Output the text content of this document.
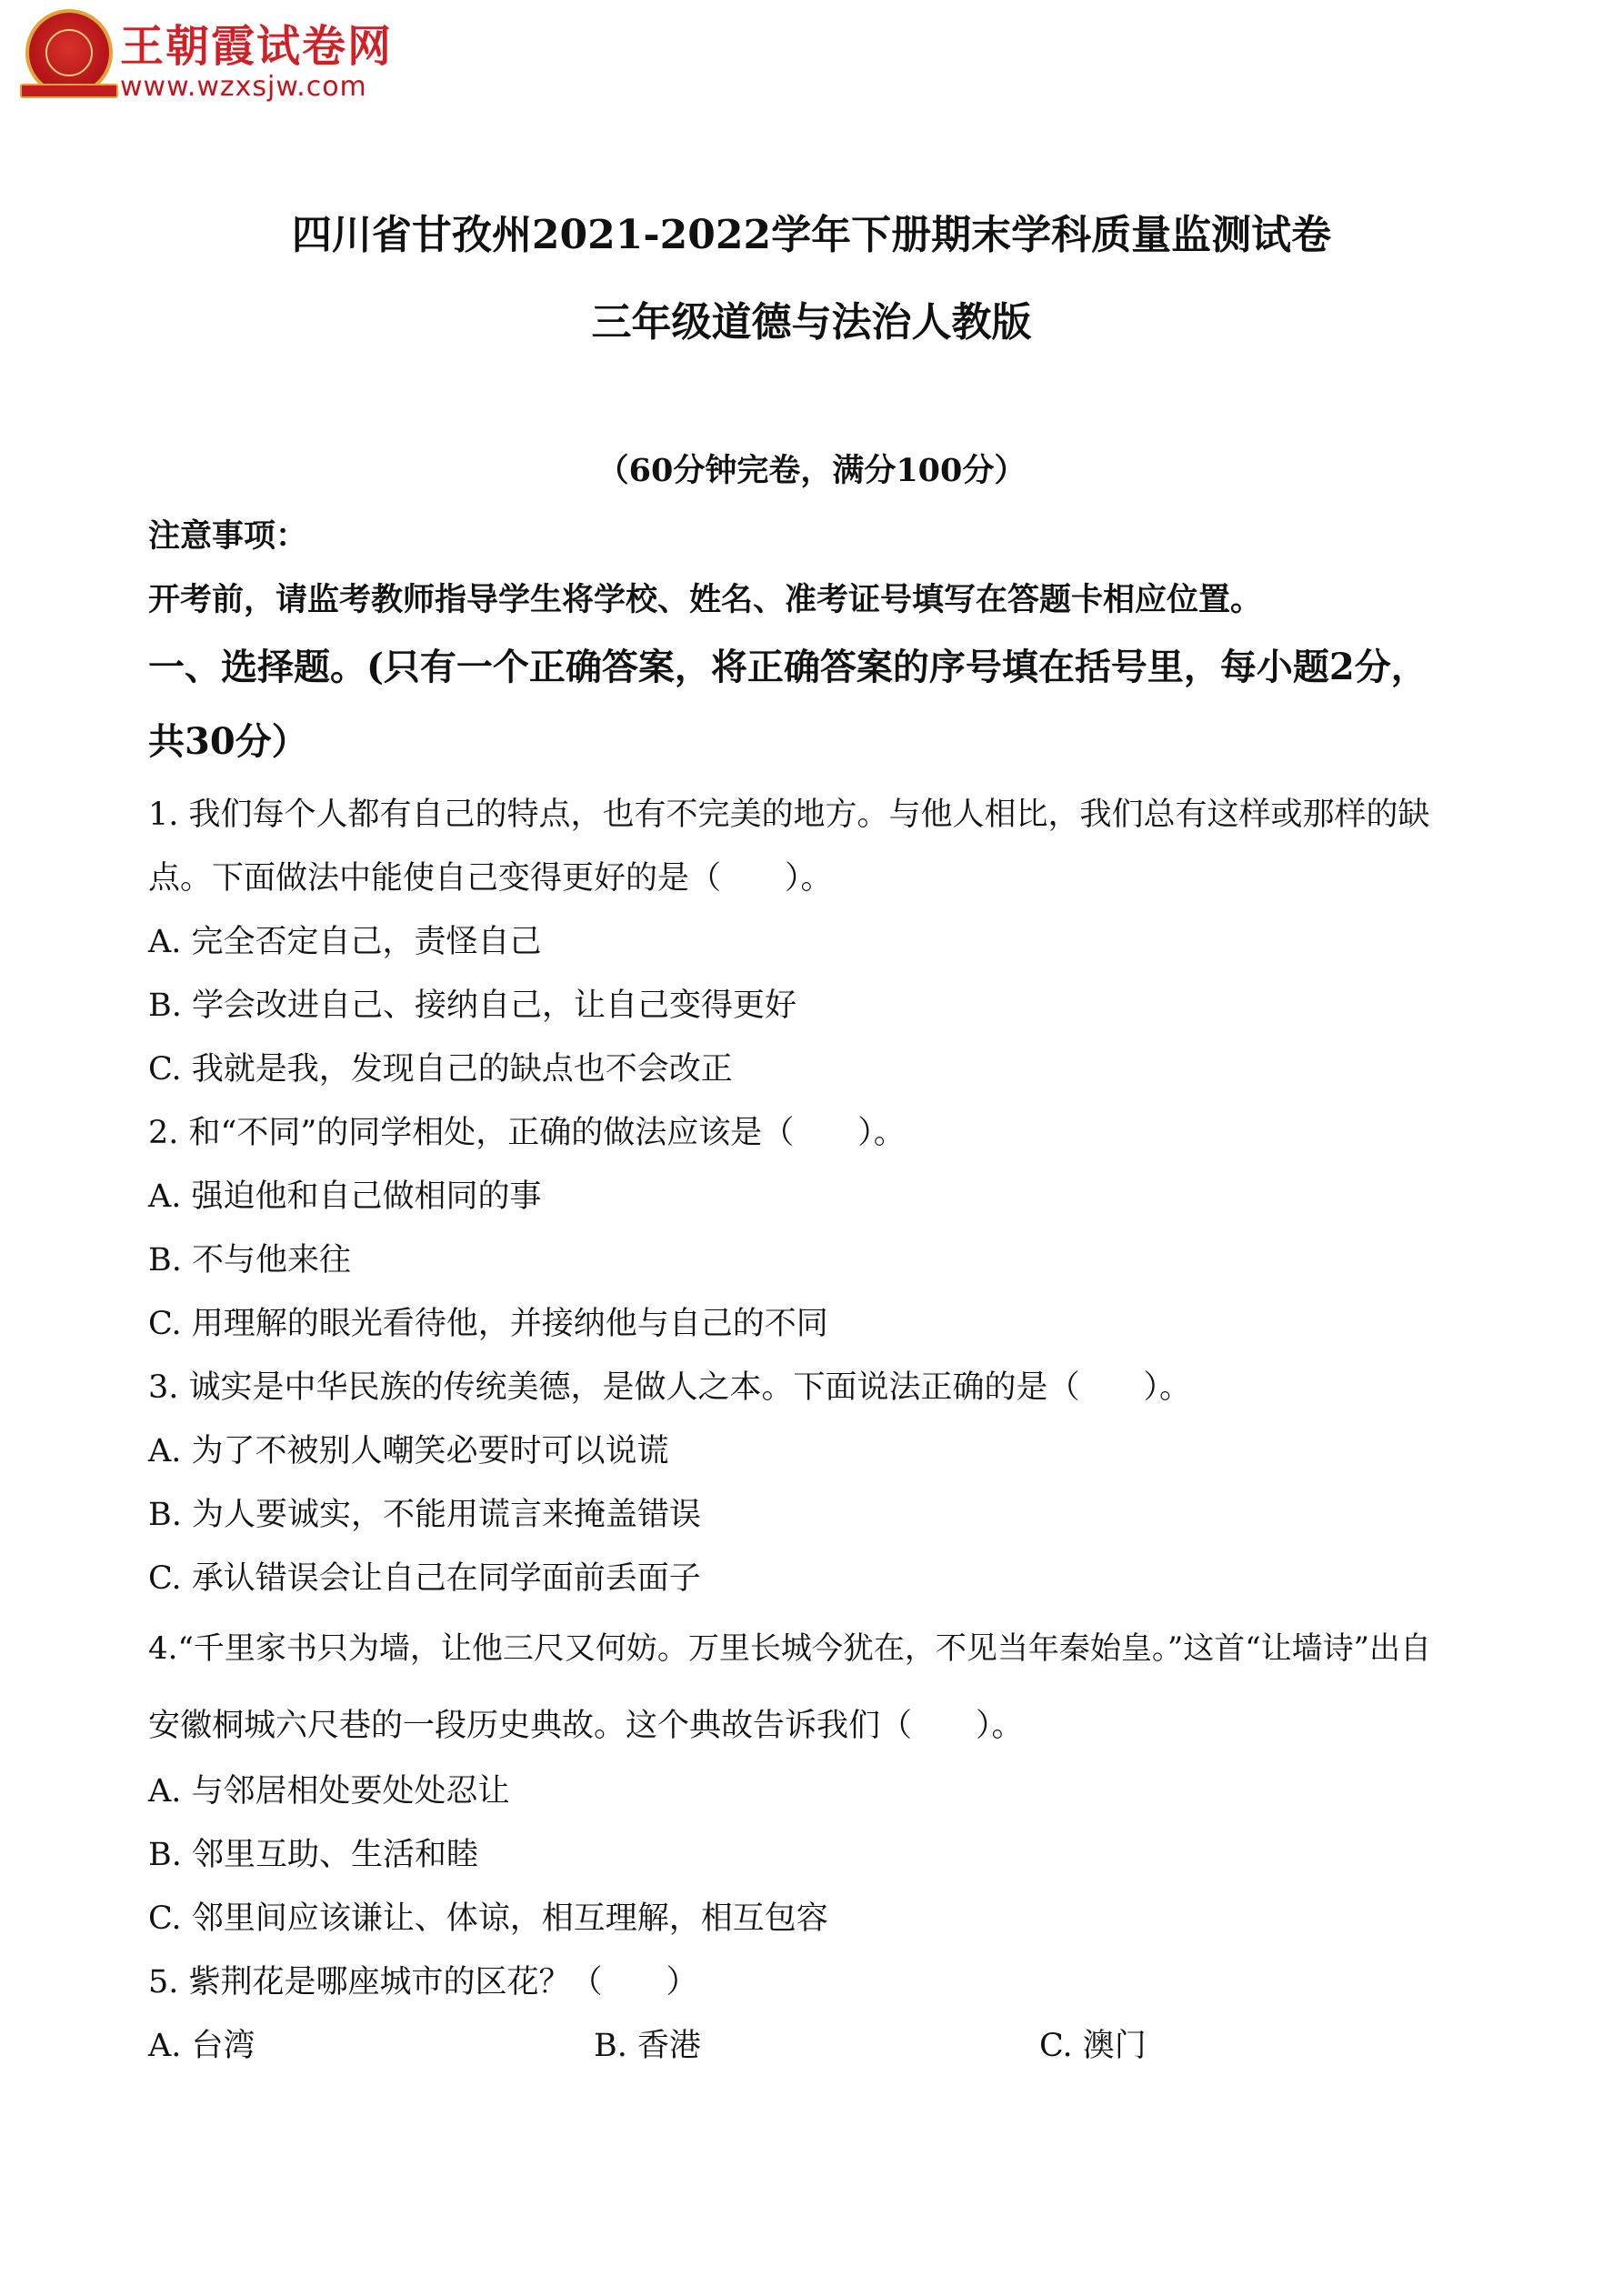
王朝霞试卷网
www.wzxsjw.com
四川省甘孜州2021-2022学年下册期末学科质量监测试卷
三年级道德与法治人教版
（60分钟完卷，满分100分）
注意事项：
开考前，请监考教师指导学生将学校、姓名、准考证号填写在答题卡相应位置。
一、选择题。(只有一个正确答案，将正确答案的序号填在括号里，每小题2分，
共30分）
1. 我们每个人都有自己的特点，也有不完美的地方。与他人相比，我们总有这样或那样的缺
点。下面做法中能使自己变得更好的是（　　）。
A. 完全否定自己，责怪自己
B. 学会改进自己、接纳自己，让自己变得更好
C. 我就是我，发现自己的缺点也不会改正
2. 和“不同”的同学相处，正确的做法应该是（　　）。
A. 强迫他和自己做相同的事
B. 不与他来往
C. 用理解的眼光看待他，并接纳他与自己的不同
3. 诚实是中华民族的传统美德，是做人之本。下面说法正确的是（　　）。
A. 为了不被别人嘲笑必要时可以说谎
B. 为人要诚实，不能用谎言来掩盖错误
C. 承认错误会让自己在同学面前丢面子
4.“千里家书只为墙，让他三尺又何妨。万里长城今犹在，不见当年秦始皇。”这首“让墙诗”出自
安徽桐城六尺巷的一段历史典故。这个典故告诉我们（　　）。
A. 与邻居相处要处处忍让
B. 邻里互助、生活和睦
C. 邻里间应该谦让、体谅，相互理解，相互包容
5. 紫荆花是哪座城市的区花？（　　）
A. 台湾	B. 香港	C. 澳门
